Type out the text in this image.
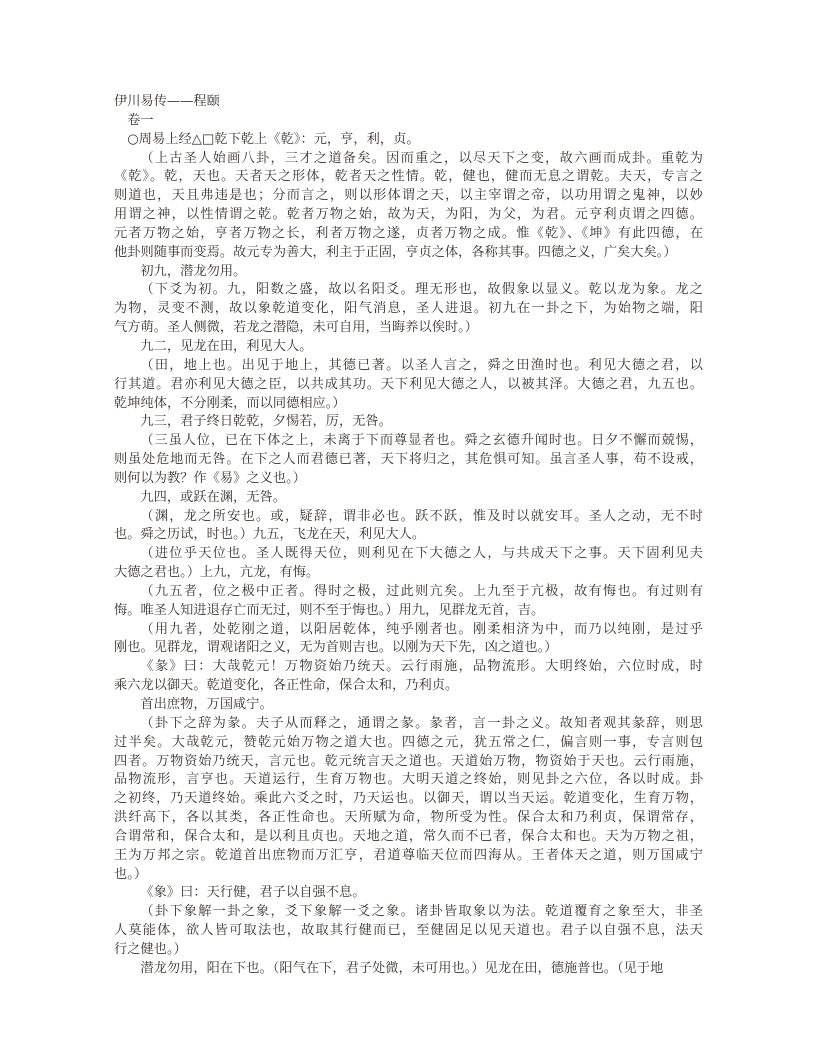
伊川易传——程颐

卷一

○周易上经△□乾下乾上《乾》：元，亨，利，贞。

（上古圣人始画八卦，三才之道备矣。因而重之，以尽天下之变，故六画而成卦。重乾为

《乾》。乾，天也。天者天之形体，乾者天之性情。乾，健也，健而无息之谓乾。夫天，专言之

则道也，天且弗违是也；分而言之，则以形体谓之天，以主宰谓之帝，以功用谓之鬼神，以妙

用谓之神，以性情谓之乾。乾者万物之始，故为天，为阳，为父，为君。元亨利贞谓之四德。

元者万物之始，亨者万物之长，利者万物之遂，贞者万物之成。惟《乾》、《坤》有此四德，在

他卦则随事而变焉。故元专为善大，利主于正固，亨贞之体，各称其事。四德之义，广矣大矣。）

初九，潜龙勿用。

（下爻为初。九，阳数之盛，故以名阳爻。理无形也，故假象以显义。乾以龙为象。龙之

为物，灵变不测，故以象乾道变化，阳气消息，圣人进退。初九在一卦之下，为始物之端，阳

气方萌。圣人侧微，若龙之潜隐，未可自用，当晦养以俟时。）

九二，见龙在田，利见大人。

（田，地上也。出见于地上，其德已著。以圣人言之，舜之田渔时也。利见大德之君，以

行其道。君亦利见大德之臣，以共成其功。天下利见大德之人，以被其泽。大德之君，九五也。

乾坤纯体，不分刚柔，而以同德相应。）

九三，君子终日乾乾，夕惕若，厉，无咎。

（三虽人位，已在下体之上，未离于下而尊显者也。舜之玄德升闻时也。日夕不懈而兢惕，

则虽处危地而无咎。在下之人而君德已著，天下将归之，其危惧可知。虽言圣人事，苟不设戒，

则何以为教？作《易》之义也。）

九四，或跃在渊，无咎。

（渊，龙之所安也。或，疑辞，谓非必也。跃不跃，惟及时以就安耳。圣人之动，无不时

也。舜之历试，时也。）九五，飞龙在天，利见大人。

（进位乎天位也。圣人既得天位，则利见在下大德之人，与共成天下之事。天下固利见夫

大德之君也。）上九，亢龙，有悔。

（九五者，位之极中正者。得时之极，过此则亢矣。上九至于亢极，故有悔也。有过则有

悔。唯圣人知进退存亡而无过，则不至于悔也。）用九，见群龙无首，吉。

（用九者，处乾刚之道，以阳居乾体，纯乎刚者也。刚柔相济为中，而乃以纯刚，是过乎

刚也。见群龙，谓观诸阳之义，无为首则吉也。以刚为天下先，凶之道也。）

《彖》曰：大哉乾元！万物资始乃统天。云行雨施，品物流形。大明终始，六位时成，时

乘六龙以御天。乾道变化，各正性命，保合太和，乃利贞。

首出庶物，万国咸宁。

（卦下之辞为彖。夫子从而释之，通谓之彖。彖者，言一卦之义。故知者观其彖辞，则思

过半矣。大哉乾元，赞乾元始万物之道大也。四德之元，犹五常之仁，偏言则一事，专言则包

四者。万物资始乃统天，言元也。乾元统言天之道也。天道始万物，物资始于天也。云行雨施，

品物流形，言亨也。天道运行，生育万物也。大明天道之终始，则见卦之六位，各以时成。卦

之初终，乃天道终始。乘此六爻之时，乃天运也。以御天，谓以当天运。乾道变化，生育万物，

洪纤高下，各以其类，各正性命也。天所赋为命，物所受为性。保合太和乃利贞，保谓常存，

合谓常和，保合太和，是以利且贞也。天地之道，常久而不已者，保合太和也。天为万物之祖，

王为万邦之宗。乾道首出庶物而万汇亨，君道尊临天位而四海从。王者体天之道，则万国咸宁

也。）

《象》曰：天行健，君子以自强不息。

（卦下象解一卦之象，爻下象解一爻之象。诸卦皆取象以为法。乾道覆育之象至大，非圣

人莫能体，欲人皆可取法也，故取其行健而已，至健固足以见天道也。君子以自强不息，法天

行之健也。）

潜龙勿用，阳在下也。（阳气在下，君子处微，未可用也。）见龙在田，德施普也。（见于地
